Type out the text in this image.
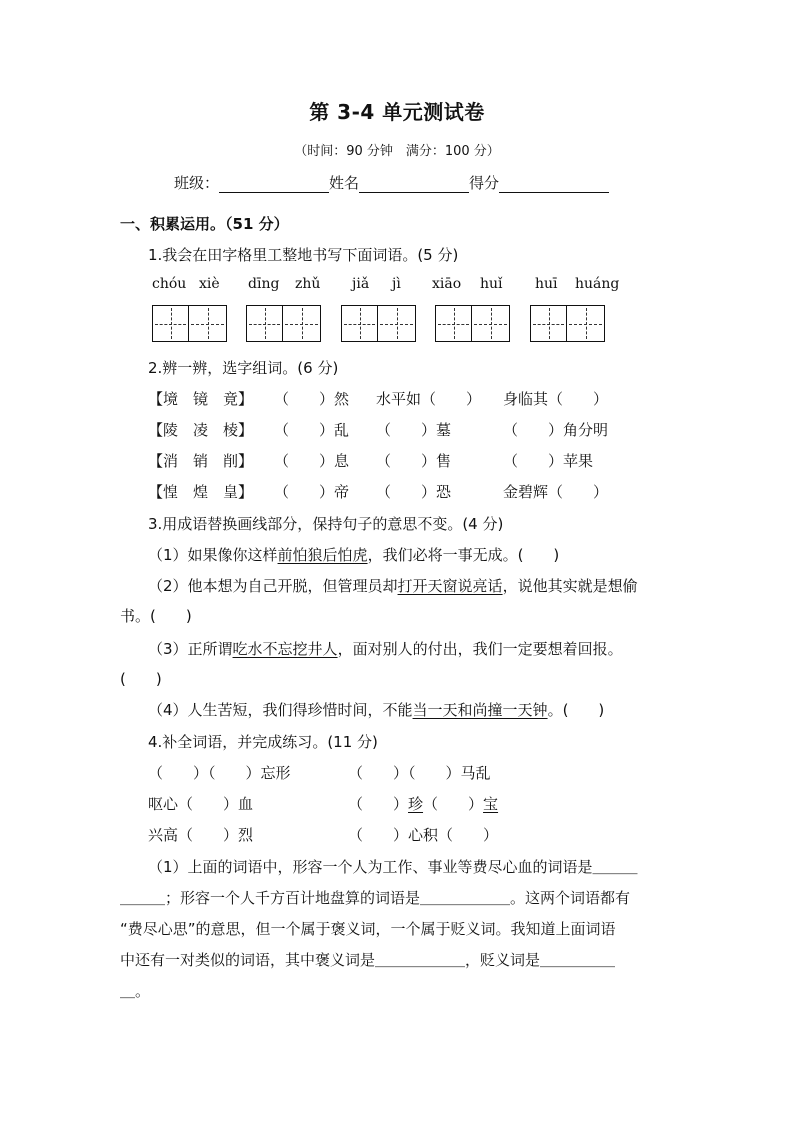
第 3-4 单元测试卷
（时间：90 分钟　满分：100 分）
班级：	姓名	得分
一、积累运用。（51 分）
1.我会在田字格里工整地书写下面词语。(5 分)
chóu xiè dīng zhǔ jiǎ jì xiāo huǐ huī huáng
2.辨一辨，选字组词。(6 分)
【境　镜　竟】 （　　）然 水平如（　　） 身临其（　　）
【陵　凌　棱】 （　　）乱 （　　）墓	（　　）角分明
【消　销　削】 （　　）息 （　　）售	（　　）苹果
【惶　煌　皇】 （　　）帝 （　　）恐	金碧辉（　　）
3.用成语替换画线部分，保持句子的意思不变。(4 分)
（1）如果像你这样前怕狼后怕虎，我们必将一事无成。(　　)
（2）他本想为自己开脱，但管理员却打开天窗说亮话，说他其实就是想偷
书。(　　)
（3）正所谓吃水不忘挖井人，面对别人的付出，我们一定要想着回报。
(　　)
（4）人生苦短，我们得珍惜时间，不能当一天和尚撞一天钟。(　　)
4.补全词语，并完成练习。(11 分)
（　　）（　　）忘形	（　　）（　　）马乱
呕心（　　）血	（　　）珍（　　）宝
兴高（　　）烈	（　　）心积（　　）
（1）上面的词语中，形容一个人为工作、事业等费尽心血的词语是＿＿＿
＿＿＿；形容一个人千方百计地盘算的词语是＿＿＿＿＿＿。这两个词语都有
“费尽心思”的意思，但一个属于褒义词，一个属于贬义词。我知道上面词语
中还有一对类似的词语，其中褒义词是＿＿＿＿＿＿，贬义词是＿＿＿＿＿
＿。
